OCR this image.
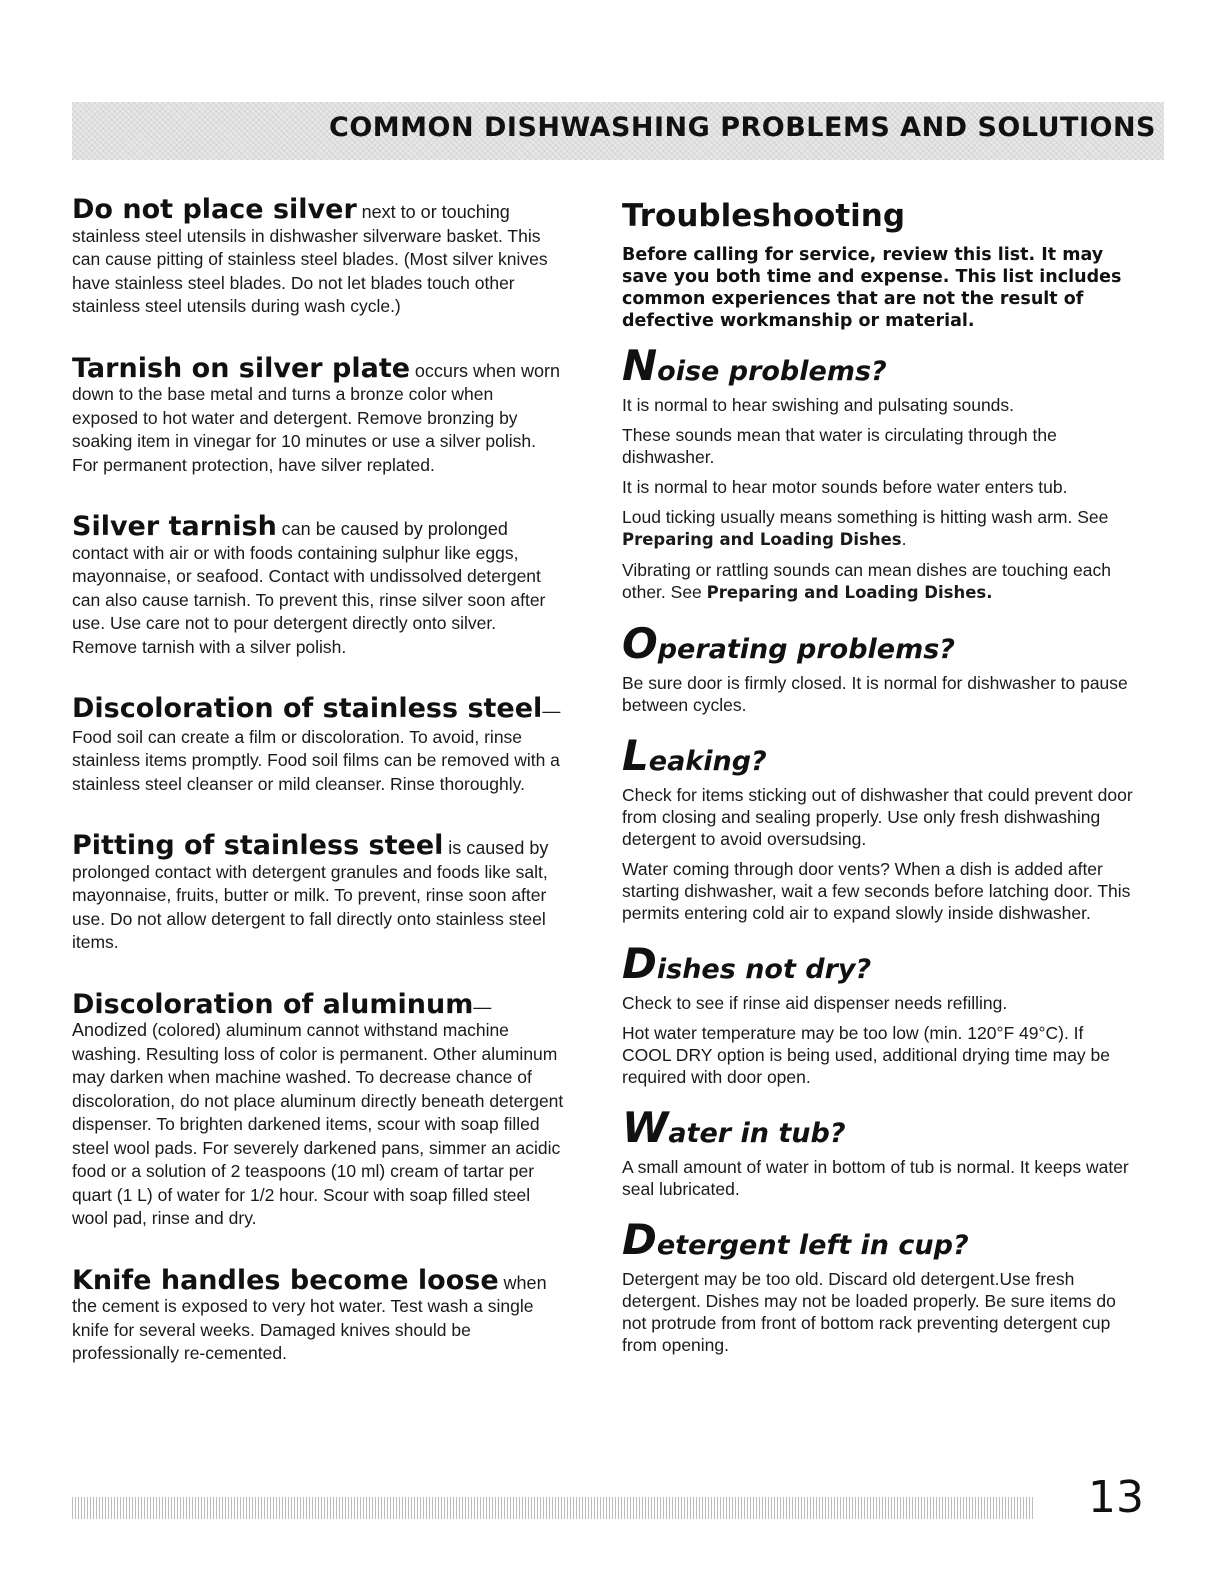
COMMON DISHWASHING PROBLEMS AND SOLUTIONS

Do not place silver next to or touching stainless steel utensils in dishwasher silverware basket. This can cause pitting of stainless steel blades. (Most silver knives have stainless steel blades. Do not let blades touch other stainless steel utensils during wash cycle.)

Tarnish on silver plate occurs when worn down to the base metal and turns a bronze color when exposed to hot water and detergent. Remove bronzing by soaking item in vinegar for 10 minutes or use a silver polish. For permanent protection, have silver replated.

Silver tarnish can be caused by prolonged contact with air or with foods containing sulphur like eggs, mayonnaise, or seafood. Contact with undissolved detergent can also cause tarnish. To prevent this, rinse silver soon after use. Use care not to pour detergent directly onto silver. Remove tarnish with a silver polish.

Discoloration of stainless steel—
Food soil can create a film or discoloration. To avoid, rinse stainless items promptly. Food soil films can be removed with a stainless steel cleanser or mild cleanser. Rinse thoroughly.

Pitting of stainless steel is caused by prolonged contact with detergent granules and foods like salt, mayonnaise, fruits, butter or milk. To prevent, rinse soon after use. Do not allow detergent to fall directly onto stainless steel items.

Discoloration of aluminum—Anodized (colored) aluminum cannot withstand machine washing. Resulting loss of color is permanent. Other aluminum may darken when machine washed. To decrease chance of discoloration, do not place aluminum directly beneath detergent dispenser. To brighten darkened items, scour with soap filled steel wool pads. For severely darkened pans, simmer an acidic food or a solution of 2 teaspoons (10 ml) cream of tartar per quart (1 L) of water for 1/2 hour. Scour with soap filled steel wool pad, rinse and dry.

Knife handles become loose when the cement is exposed to very hot water. Test wash a single knife for several weeks. Damaged knives should be professionally re-cemented.

Troubleshooting

Before calling for service, review this list. It may save you both time and expense. This list includes common experiences that are not the result of defective workmanship or material.

Noise problems?

It is normal to hear swishing and pulsating sounds.

These sounds mean that water is circulating through the dishwasher.

It is normal to hear motor sounds before water enters tub.

Loud ticking usually means something is hitting wash arm. See Preparing and Loading Dishes.

Vibrating or rattling sounds can mean dishes are touching each other. See Preparing and Loading Dishes.

Operating problems?

Be sure door is firmly closed. It is normal for dishwasher to pause between cycles.

Leaking?

Check for items sticking out of dishwasher that could prevent door from closing and sealing properly. Use only fresh dishwashing detergent to avoid oversudsing.

Water coming through door vents? When a dish is added after starting dishwasher, wait a few seconds before latching door. This permits entering cold air to expand slowly inside dishwasher.

Dishes not dry?

Check to see if rinse aid dispenser needs refilling.

Hot water temperature may be too low (min. 120°F 49°C). If COOL DRY option is being used, additional drying time may be required with door open.

Water in tub?

A small amount of water in bottom of tub is normal. It keeps water seal lubricated.

Detergent left in cup?

Detergent may be too old. Discard old detergent.Use fresh detergent. Dishes may not be loaded properly. Be sure items do not protrude from front of bottom rack preventing detergent cup from opening.

13
